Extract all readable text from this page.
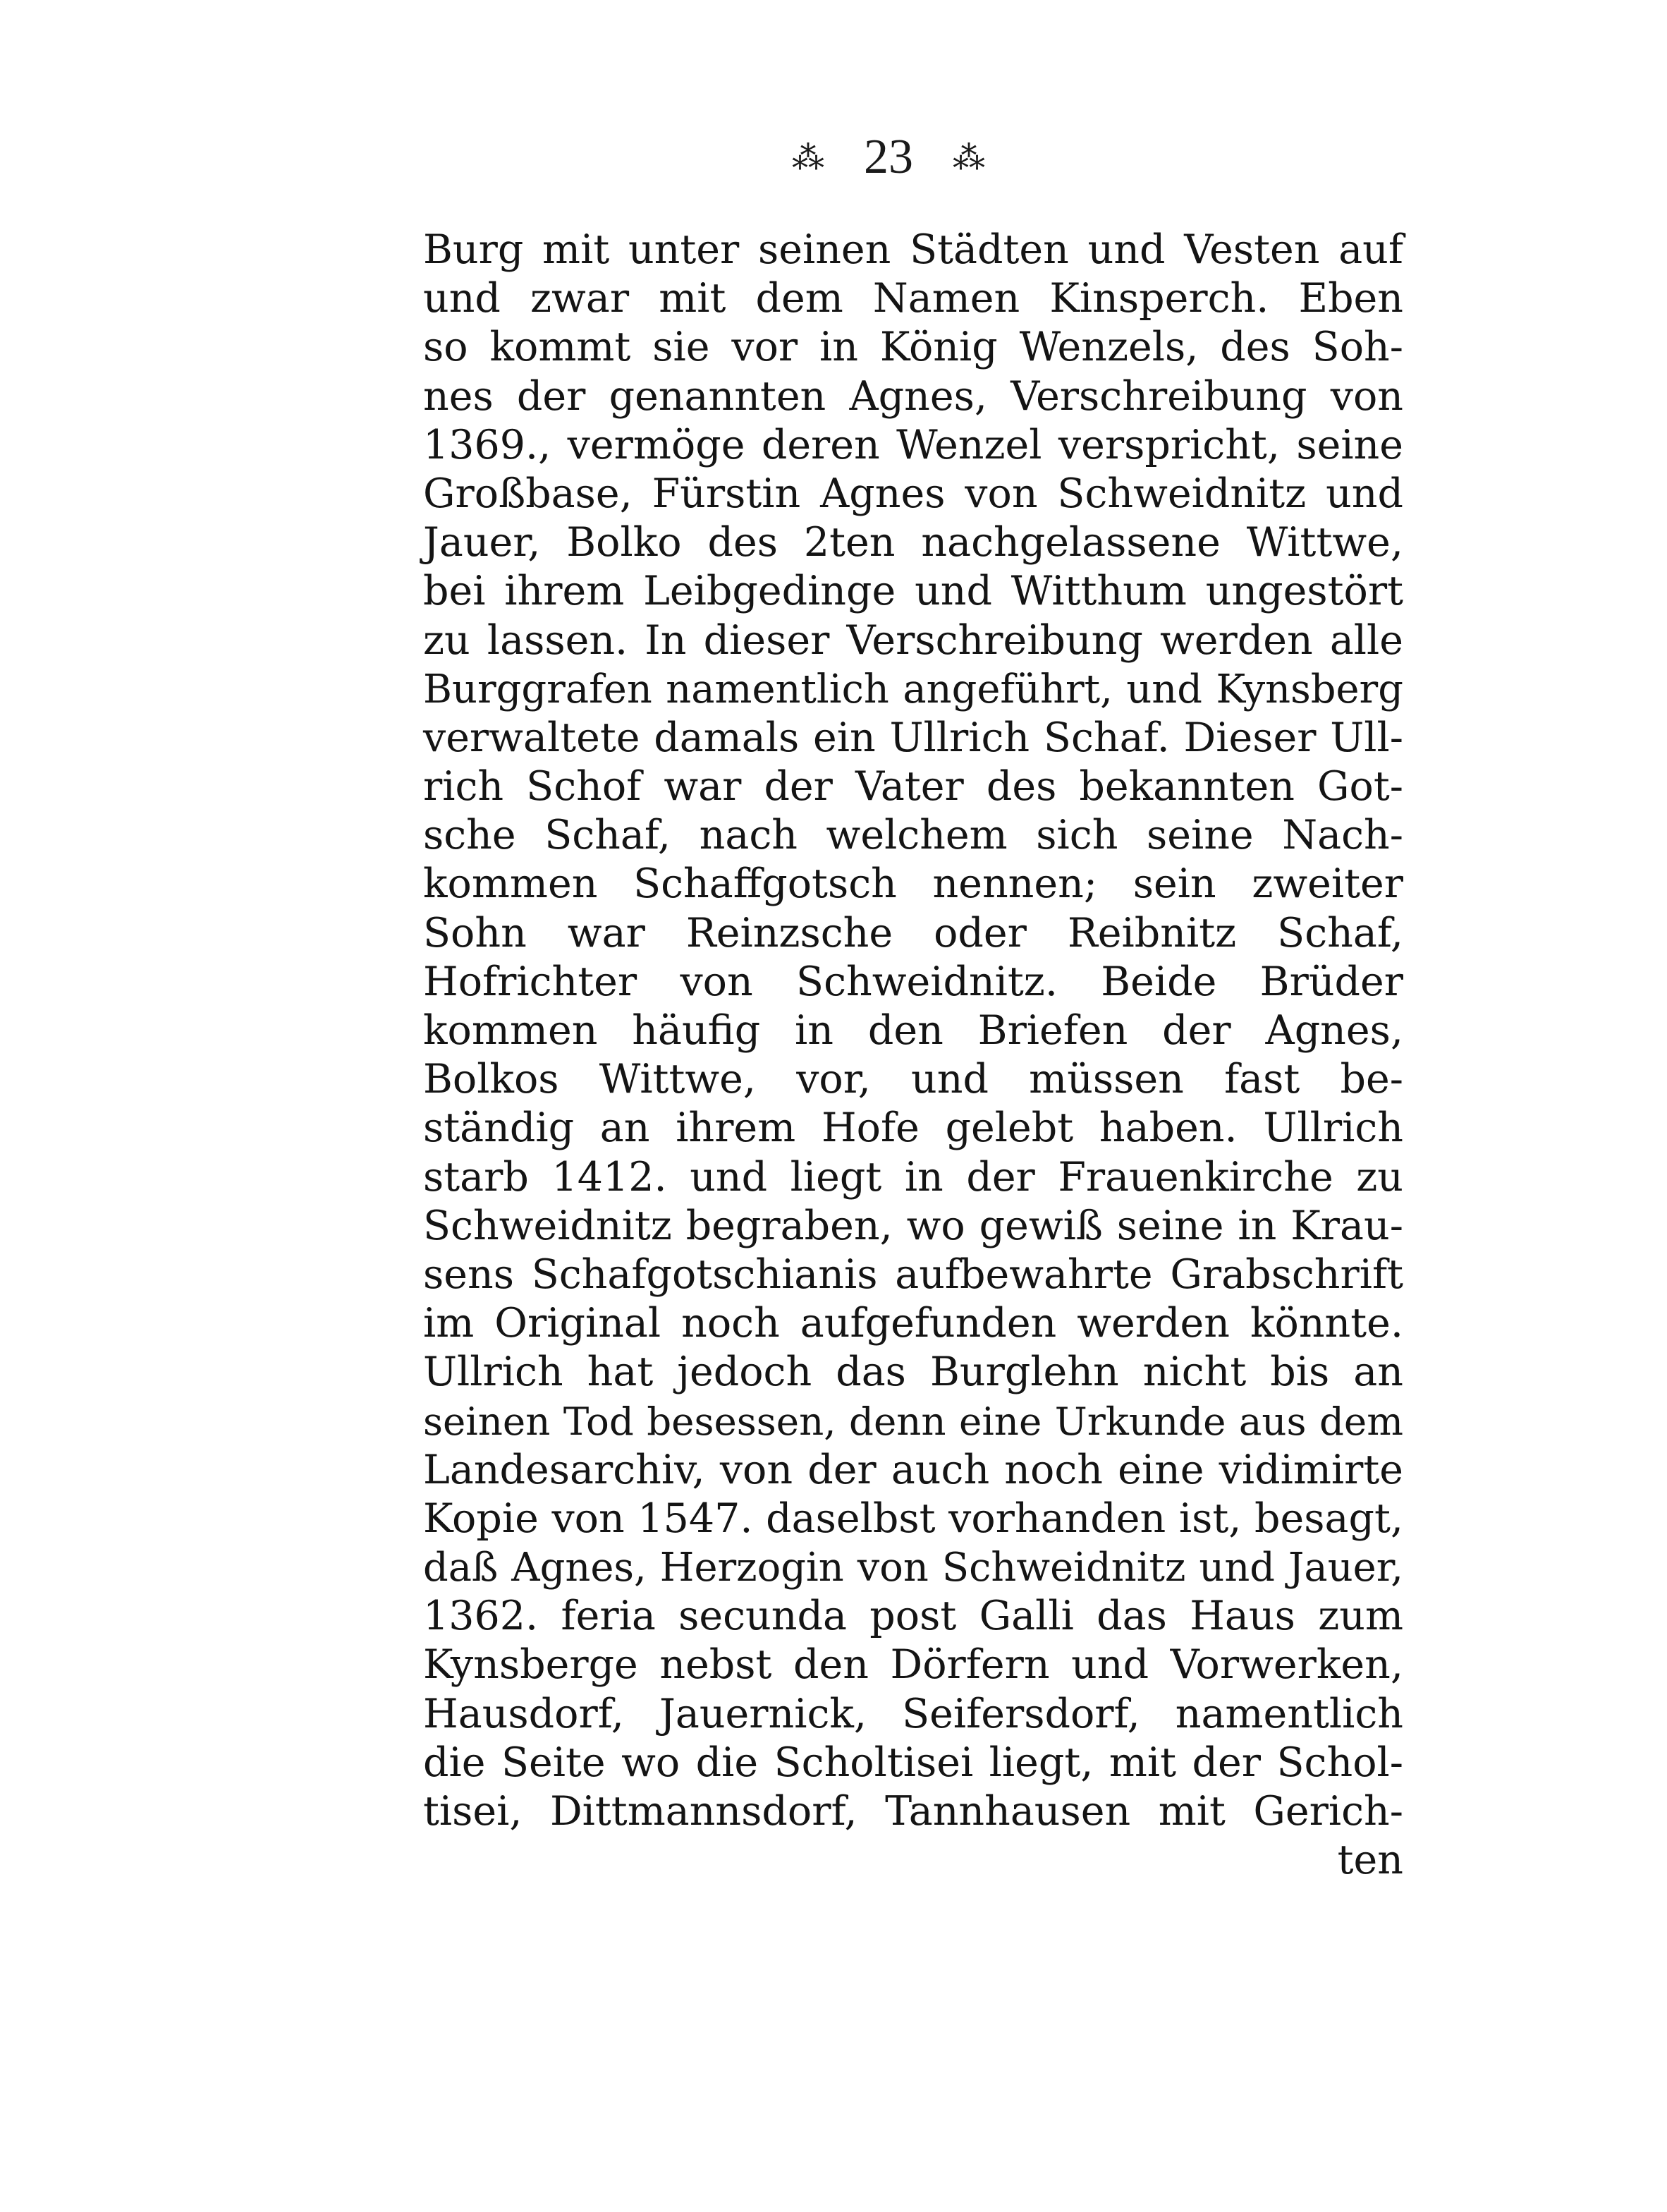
⁂ 23 ⁂
Burg mit unter seinen Städten und Vesten auf
und zwar mit dem Namen Kinsperch. Eben
so kommt sie vor in König Wenzels, des Soh-
nes der genannten Agnes, Verschreibung von
1369., vermöge deren Wenzel verspricht, seine
Großbase, Fürstin Agnes von Schweidnitz und
Jauer, Bolko des 2ten nachgelassene Wittwe,
bei ihrem Leibgedinge und Witthum ungestört
zu lassen. In dieser Verschreibung werden alle
Burggrafen namentlich angeführt, und Kynsberg
verwaltete damals ein Ullrich Schaf. Dieser Ull-
rich Schof war der Vater des bekannten Got-
sche Schaf, nach welchem sich seine Nach-
kommen Schaffgotsch nennen; sein zweiter
Sohn war Reinzsche oder Reibnitz Schaf,
Hofrichter von Schweidnitz. Beide Brüder
kommen häufig in den Briefen der Agnes,
Bolkos Wittwe, vor, und müssen fast be-
ständig an ihrem Hofe gelebt haben. Ullrich
starb 1412. und liegt in der Frauenkirche zu
Schweidnitz begraben, wo gewiß seine in Krau-
sens Schafgotschianis aufbewahrte Grabschrift
im Original noch aufgefunden werden könnte.
Ullrich hat jedoch das Burglehn nicht bis an
seinen Tod besessen, denn eine Urkunde aus dem
Landesarchiv, von der auch noch eine vidimirte
Kopie von 1547. daselbst vorhanden ist, besagt,
daß Agnes, Herzogin von Schweidnitz und Jauer,
1362. feria secunda post Galli das Haus zum
Kynsberge nebst den Dörfern und Vorwerken,
Hausdorf, Jauernick, Seifersdorf, namentlich
die Seite wo die Scholtisei liegt, mit der Schol-
tisei, Dittmannsdorf, Tannhausen mit Gerich-
ten
